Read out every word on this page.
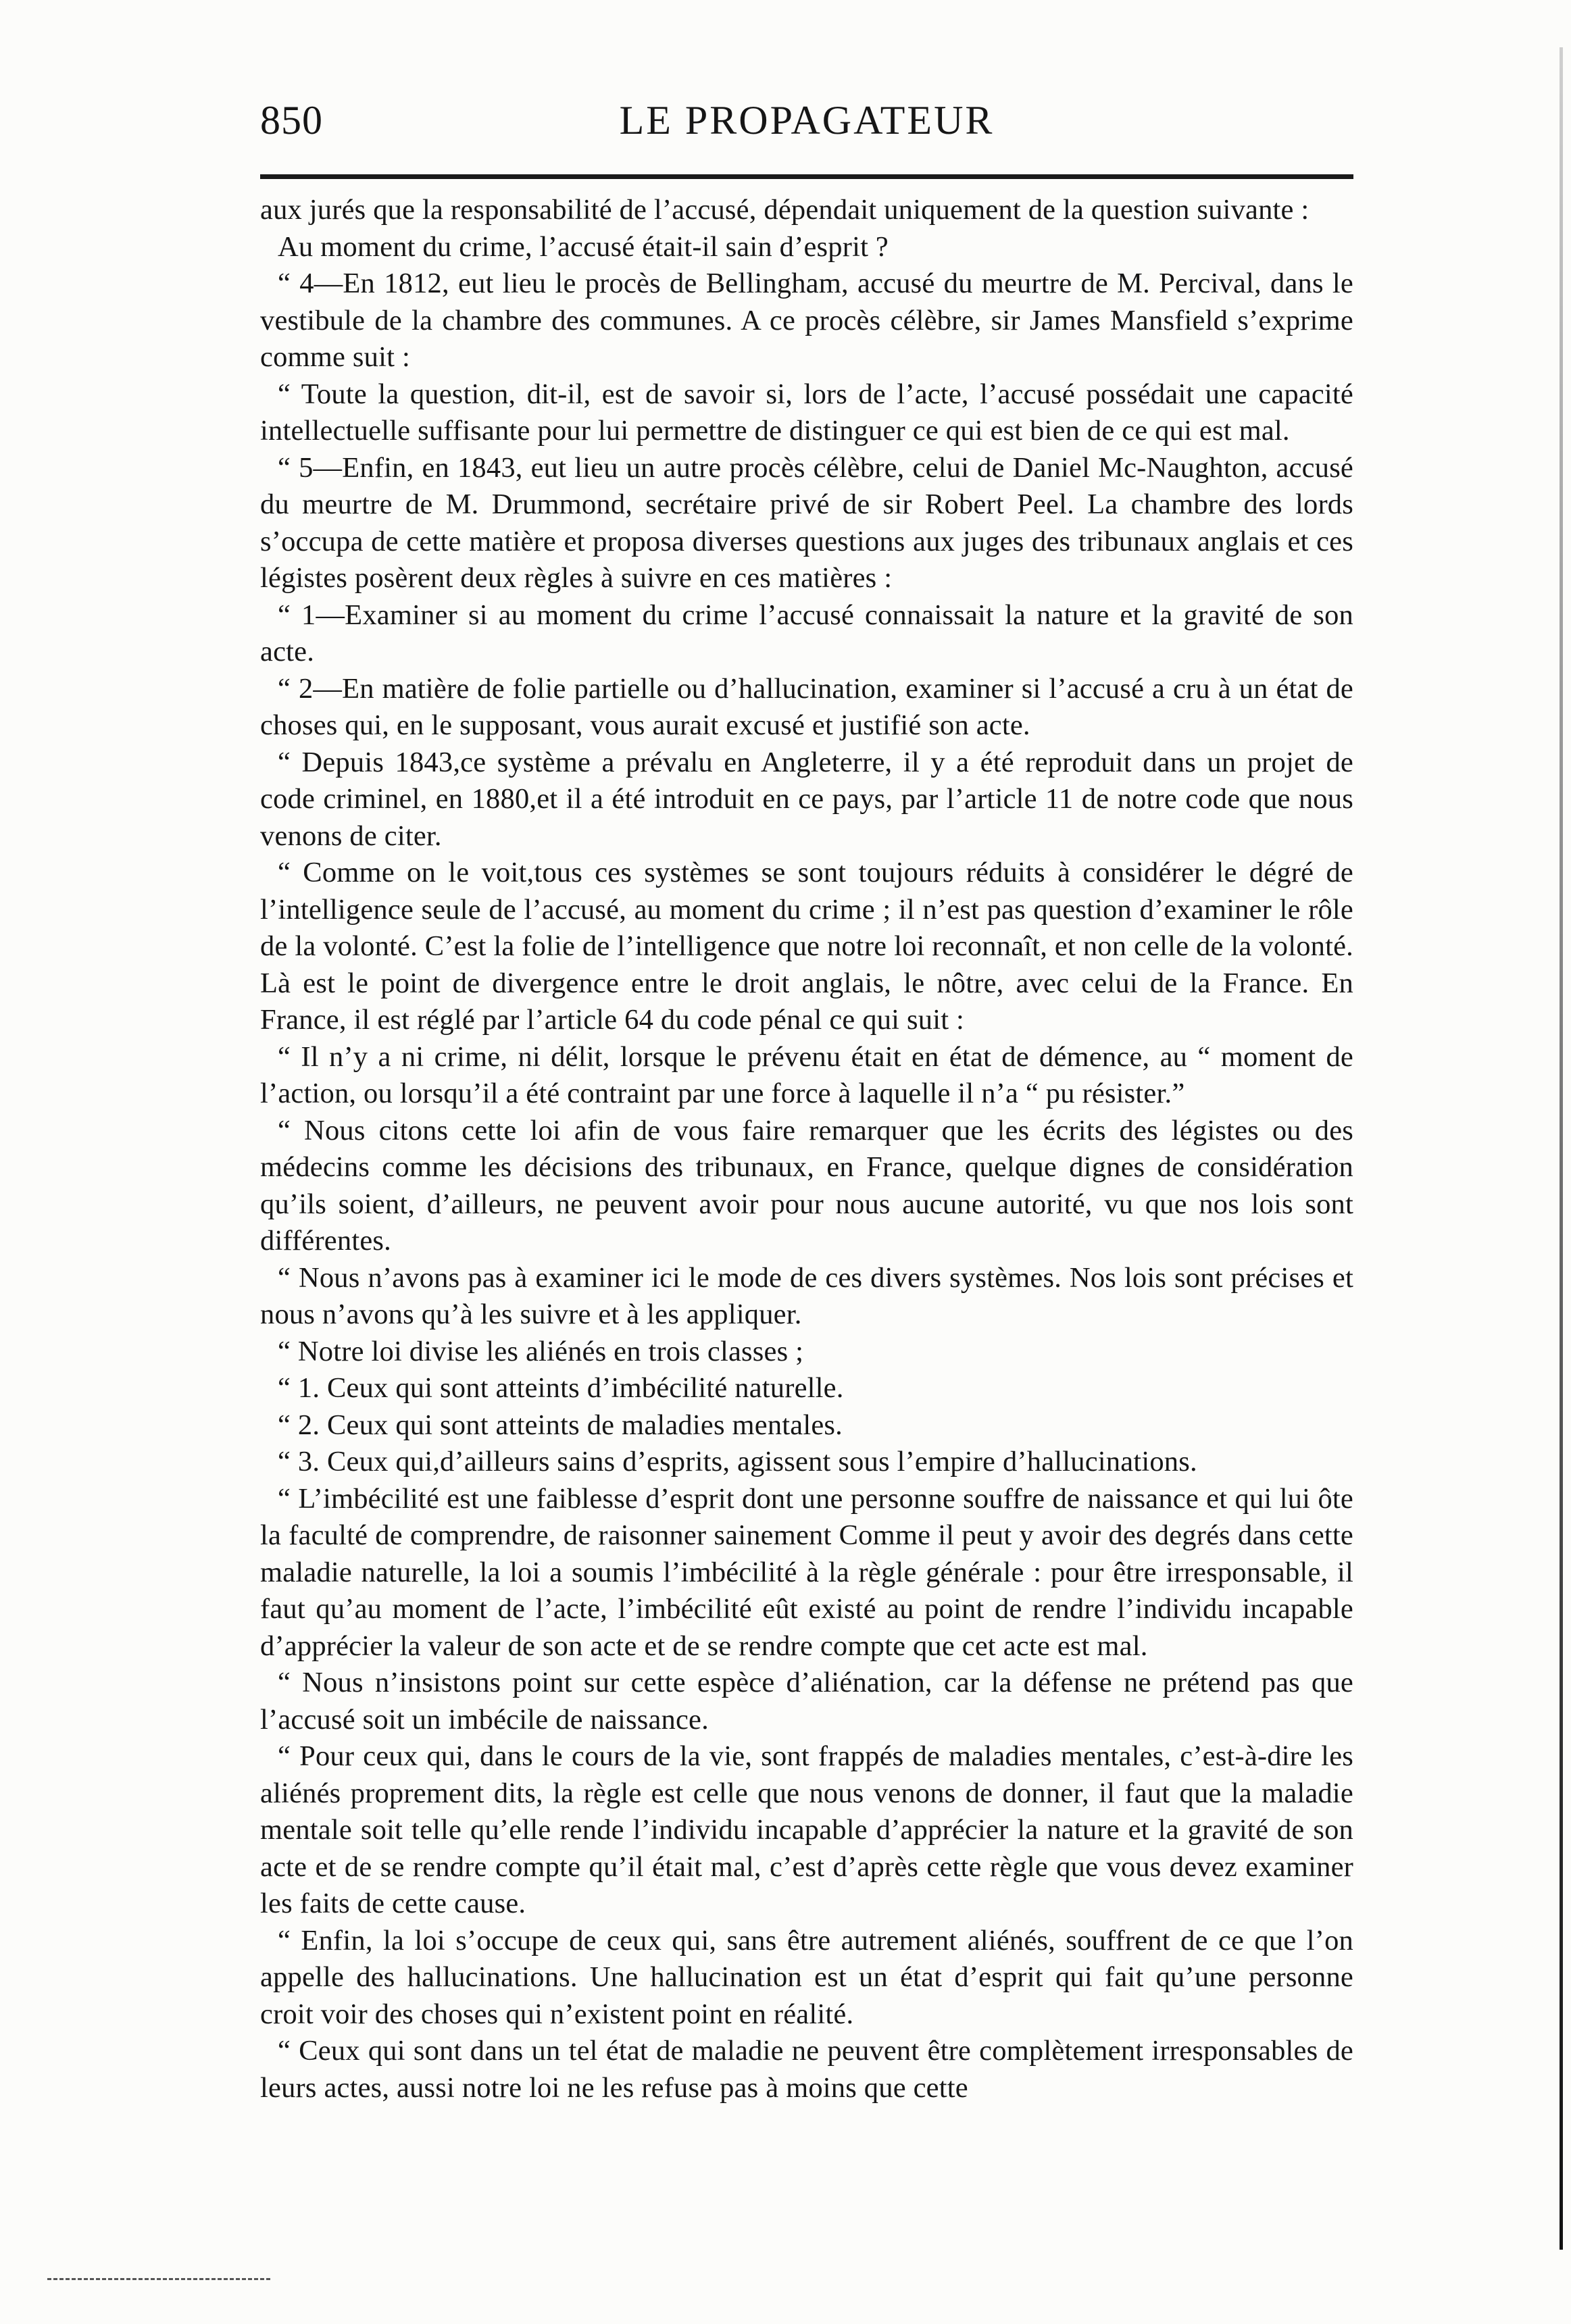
850	LE PROPAGATEUR

aux jurés que la responsabilité de l’accusé, dépendait uniquement de la question suivante :

Au moment du crime, l’accusé était-il sain d’esprit ?

“ 4—En 1812, eut lieu le procès de Bellingham, accusé du meurtre de M. Percival, dans le vestibule de la chambre des communes. A ce procès célèbre, sir James Mansfield s’exprime comme suit :

“ Toute la question, dit-il, est de savoir si, lors de l’acte, l’accusé possédait une capacité intellectuelle suffisante pour lui permettre de distinguer ce qui est bien de ce qui est mal.

“ 5—Enfin, en 1843, eut lieu un autre procès célèbre, celui de Daniel Mc-Naughton, accusé du meurtre de M. Drummond, secrétaire privé de sir Robert Peel. La chambre des lords s’occupa de cette matière et proposa diverses questions aux juges des tribunaux anglais et ces légistes posèrent deux règles à suivre en ces matières :

“ 1—Examiner si au moment du crime l’accusé connaissait la nature et la gravité de son acte.

“ 2—En matière de folie partielle ou d’hallucination, examiner si l’accusé a cru à un état de choses qui, en le supposant, vous aurait excusé et justifié son acte.

“ Depuis 1843,ce système a prévalu en Angleterre, il y a été reproduit dans un projet de code criminel, en 1880,et il a été introduit en ce pays, par l’article 11 de notre code que nous venons de citer.

“ Comme on le voit,tous ces systèmes se sont toujours réduits à considérer le dégré de l’intelligence seule de l’accusé, au moment du crime ; il n’est pas question d’examiner le rôle de la volonté. C’est la folie de l’intelligence que notre loi reconnaît, et non celle de la volonté. Là est le point de divergence entre le droit anglais, le nôtre, avec celui de la France. En France, il est réglé par l’article 64 du code pénal ce qui suit :

“ Il n’y a ni crime, ni délit, lorsque le prévenu était en état de démence, au “ moment de l’action, ou lorsqu’il a été contraint par une force à laquelle il n’a “ pu résister.”

“ Nous citons cette loi afin de vous faire remarquer que les écrits des légistes ou des médecins comme les décisions des tribunaux, en France, quelque dignes de considération qu’ils soient, d’ailleurs, ne peuvent avoir pour nous aucune autorité, vu que nos lois sont différentes.

“ Nous n’avons pas à examiner ici le mode de ces divers systèmes. Nos lois sont précises et nous n’avons qu’à les suivre et à les appliquer.

“ Notre loi divise les aliénés en trois classes ;

“ 1. Ceux qui sont atteints d’imbécilité naturelle.

“ 2. Ceux qui sont atteints de maladies mentales.

“ 3. Ceux qui,d’ailleurs sains d’esprits, agissent sous l’empire d’hallucinations.

“ L’imbécilité est une faiblesse d’esprit dont une personne souffre de naissance et qui lui ôte la faculté de comprendre, de raisonner sainement Comme il peut y avoir des degrés dans cette maladie naturelle, la loi a soumis l’imbécilité à la règle générale : pour être irresponsable, il faut qu’au moment de l’acte, l’imbécilité eût existé au point de rendre l’individu incapable d’apprécier la valeur de son acte et de se rendre compte que cet acte est mal.

“ Nous n’insistons point sur cette espèce d’aliénation, car la défense ne prétend pas que l’accusé soit un imbécile de naissance.

“ Pour ceux qui, dans le cours de la vie, sont frappés de maladies mentales, c’est-à-dire les aliénés proprement dits, la règle est celle que nous venons de donner, il faut que la maladie mentale soit telle qu’elle rende l’individu incapable d’apprécier la nature et la gravité de son acte et de se rendre compte qu’il était mal, c’est d’après cette règle que vous devez examiner les faits de cette cause.

“ Enfin, la loi s’occupe de ceux qui, sans être autrement aliénés, souffrent de ce que l’on appelle des hallucinations. Une hallucination est un état d’esprit qui fait qu’une personne croit voir des choses qui n’existent point en réalité.

“ Ceux qui sont dans un tel état de maladie ne peuvent être complètement irresponsables de leurs actes, aussi notre loi ne les refuse pas à moins que cette
